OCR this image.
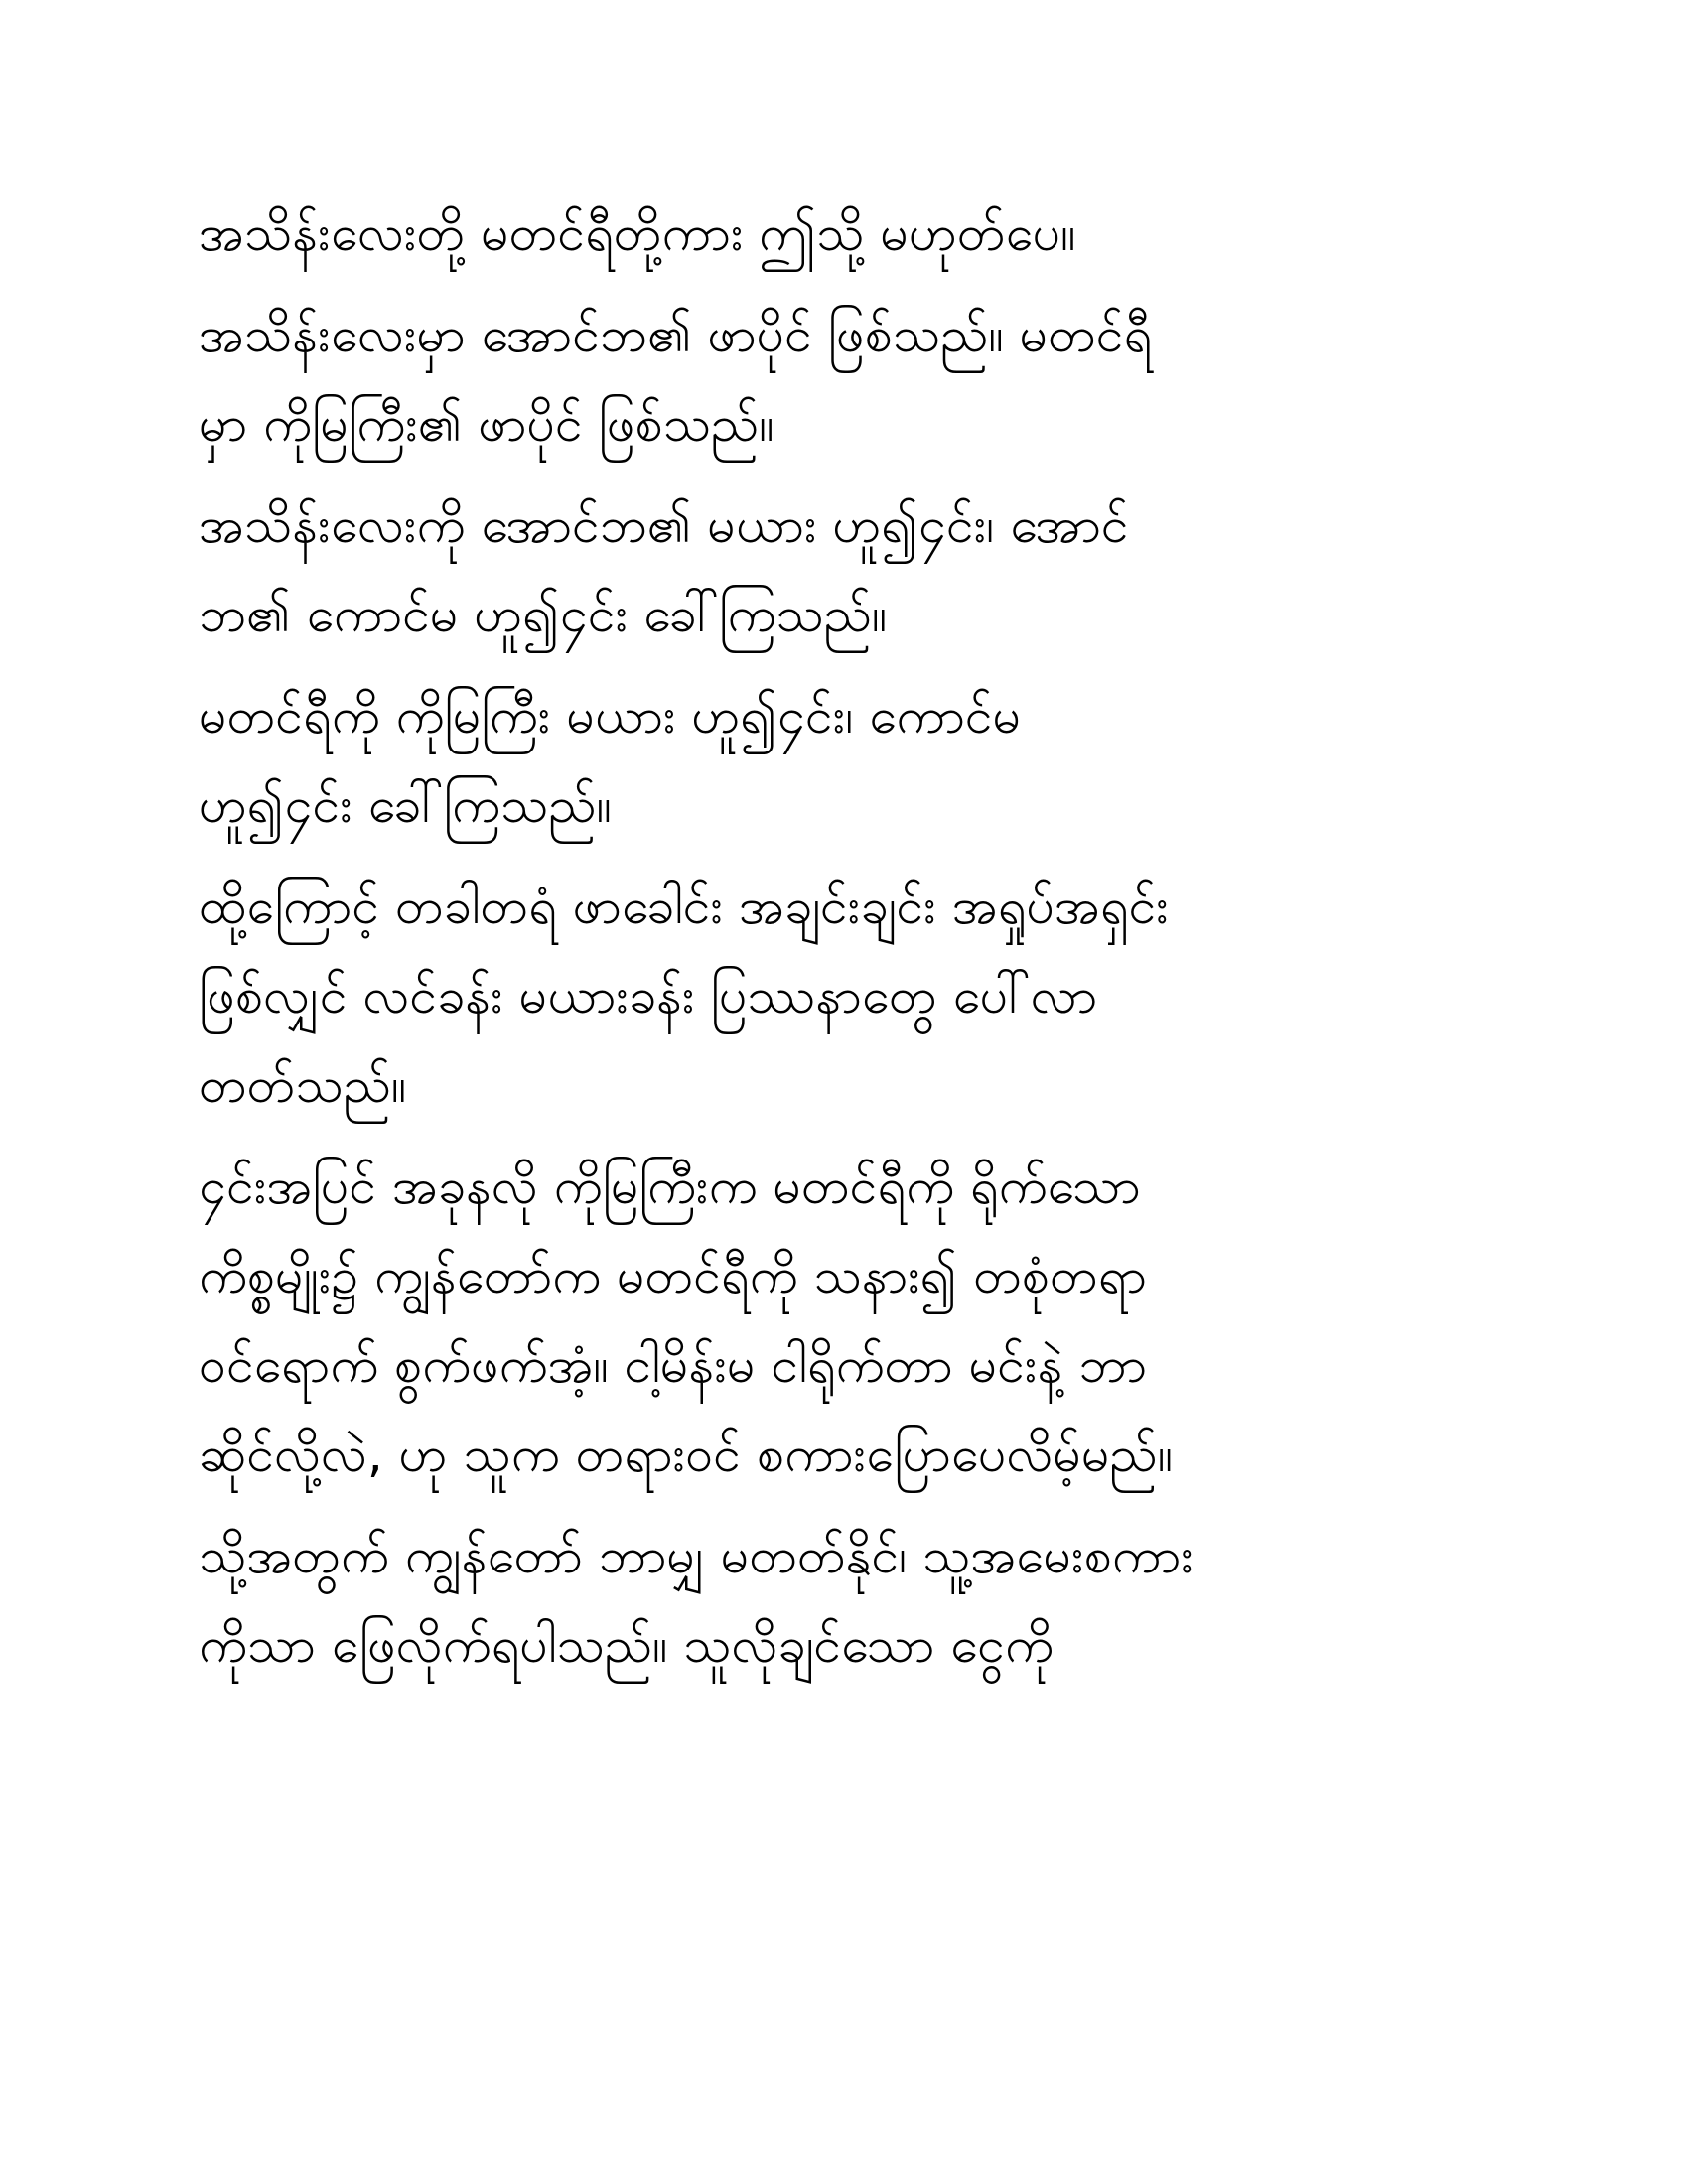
အသိန်းလေးတို့ မတင်ရီတို့ကား ဤသို့ မဟုတ်ပေ။

အသိန်းလေးမှာ အောင်ဘ၏ ဖာပိုင် ဖြစ်သည်။ မတင်ရီ
မှာ ကိုမြကြီး၏ ဖာပိုင် ဖြစ်သည်။

အသိန်းလေးကို အောင်ဘ၏ မယား ဟူ၍၄င်း၊ အောင်
ဘ၏ ကောင်မ ဟူ၍၄င်း ခေါ်ကြသည်။

မတင်ရီကို ကိုမြကြီး မယား ဟူ၍၄င်း၊ ကောင်မ
ဟူ၍၄င်း ခေါ်ကြသည်။

ထို့ကြောင့် တခါတရံ ဖာခေါင်း အချင်းချင်း အရှုပ်အရှင်း
ဖြစ်လျှင် လင်ခန်း မယားခန်း ပြဿနာတွေ ပေါ်လာ
တတ်သည်။

၄င်းအပြင် အခုနလို ကိုမြကြီးက မတင်ရီကို ရိုက်သော
ကိစ္စမျိုး၌ ကျွန်တော်က မတင်ရီကို သနား၍ တစုံတရာ
ဝင်ရောက် စွက်ဖက်အံ့။ ငါ့မိန်းမ ငါရိုက်တာ မင်းနဲ့ ဘာ
ဆိုင်လို့လဲ, ဟု သူက တရားဝင် စကားပြောပေလိမ့်မည်။

သို့အတွက် ကျွန်တော် ဘာမျှ မတတ်နိုင်၊ သူ့အမေးစကား
ကိုသာ ဖြေလိုက်ရပါသည်။ သူလိုချင်သော ငွေကို
